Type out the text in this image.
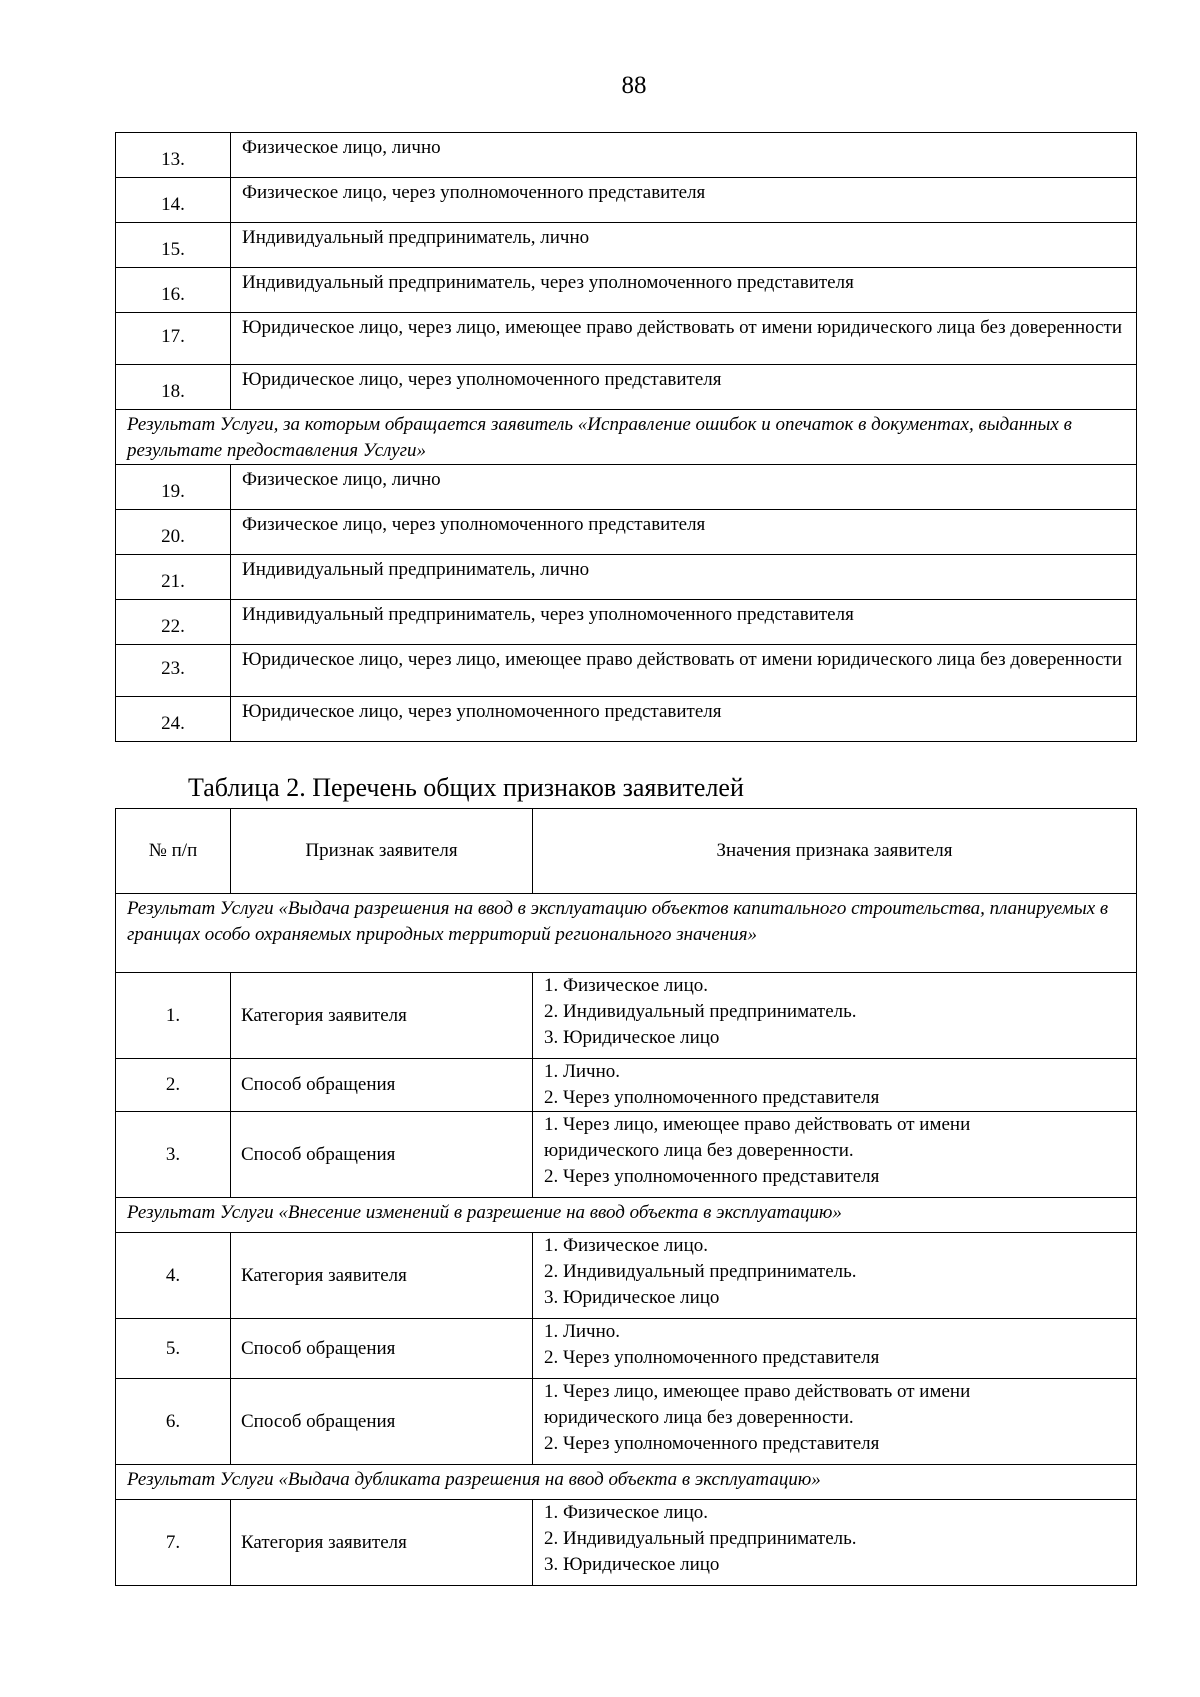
88
13.	Физическое лицо, лично
14.	Физическое лицо, через уполномоченного представителя
15.	Индивидуальный предприниматель, лично
16.	Индивидуальный предприниматель, через уполномоченного представителя
17.	Юридическое лицо, через лицо, имеющее право действовать от имени юридического лица без доверенности
18.	Юридическое лицо, через уполномоченного представителя
Результат Услуги, за которым обращается заявитель «Исправление ошибок и опечаток в документах, выданных в результате предоставления Услуги»	
19.	Физическое лицо, лично
20.	Физическое лицо, через уполномоченного представителя
21.	Индивидуальный предприниматель, лично
22.	Индивидуальный предприниматель, через уполномоченного представителя
23.	Юридическое лицо, через лицо, имеющее право действовать от имени юридического лица без доверенности
24.	Юридическое лицо, через уполномоченного представителя
Таблица 2. Перечень общих признаков заявителей
№ п/п	Признак заявителя	Значения признака заявителя
Результат Услуги «Выдача разрешения на ввод в эксплуатацию объектов капитального строительства, планируемых в границах особо охраняемых природных территорий регионального значения»		
1.	Категория заявителя	1. Физическое лицо.
2. Индивидуальный предприниматель.
3. Юридическое лицо

2.	Способ обращения	1. Лично.
2. Через уполномоченного представителя

3.	Способ обращения	1. Через лицо, имеющее право действовать от имени
юридического лица без доверенности.
2. Через уполномоченного представителя

Результат Услуги «Внесение изменений в разрешение на ввод объекта в эксплуатацию»		
4.	Категория заявителя	1. Физическое лицо.
2. Индивидуальный предприниматель.
3. Юридическое лицо

5.	Способ обращения	1. Лично.
2. Через уполномоченного представителя

6.	Способ обращения	1. Через лицо, имеющее право действовать от имени
юридического лица без доверенности.
2. Через уполномоченного представителя

Результат Услуги «Выдача дубликата разрешения на ввод объекта в эксплуатацию»		
7.	Категория заявителя	1. Физическое лицо.
2. Индивидуальный предприниматель.
3. Юридическое лицо
